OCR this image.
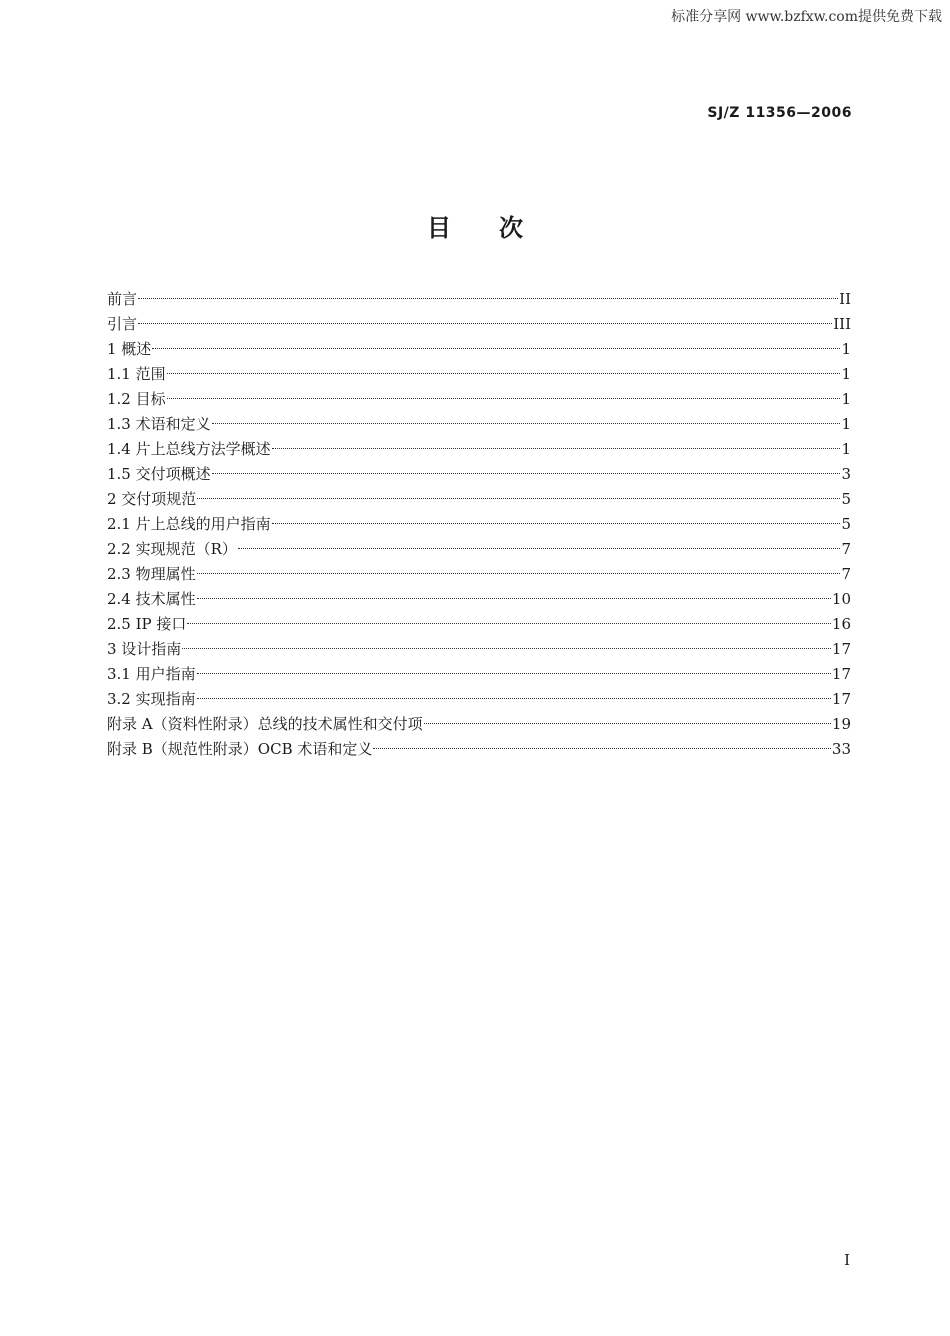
标准分享网 www.bzfxw.com提供免费下载
SJ/Z 11356—2006
目次
前言	II
引言	III
1 概述	1
1.1 范围	1
1.2 目标	1
1.3 术语和定义	1
1.4 片上总线方法学概述	1
1.5 交付项概述	3
2 交付项规范	5
2.1 片上总线的用户指南	5
2.2 实现规范（R）	7
2.3 物理属性	7
2.4 技术属性	10
2.5 IP 接口	16
3 设计指南	17
3.1 用户指南	17
3.2 实现指南	17
附录 A（资料性附录）总线的技术属性和交付项	19
附录 B（规范性附录）OCB 术语和定义	33
I
